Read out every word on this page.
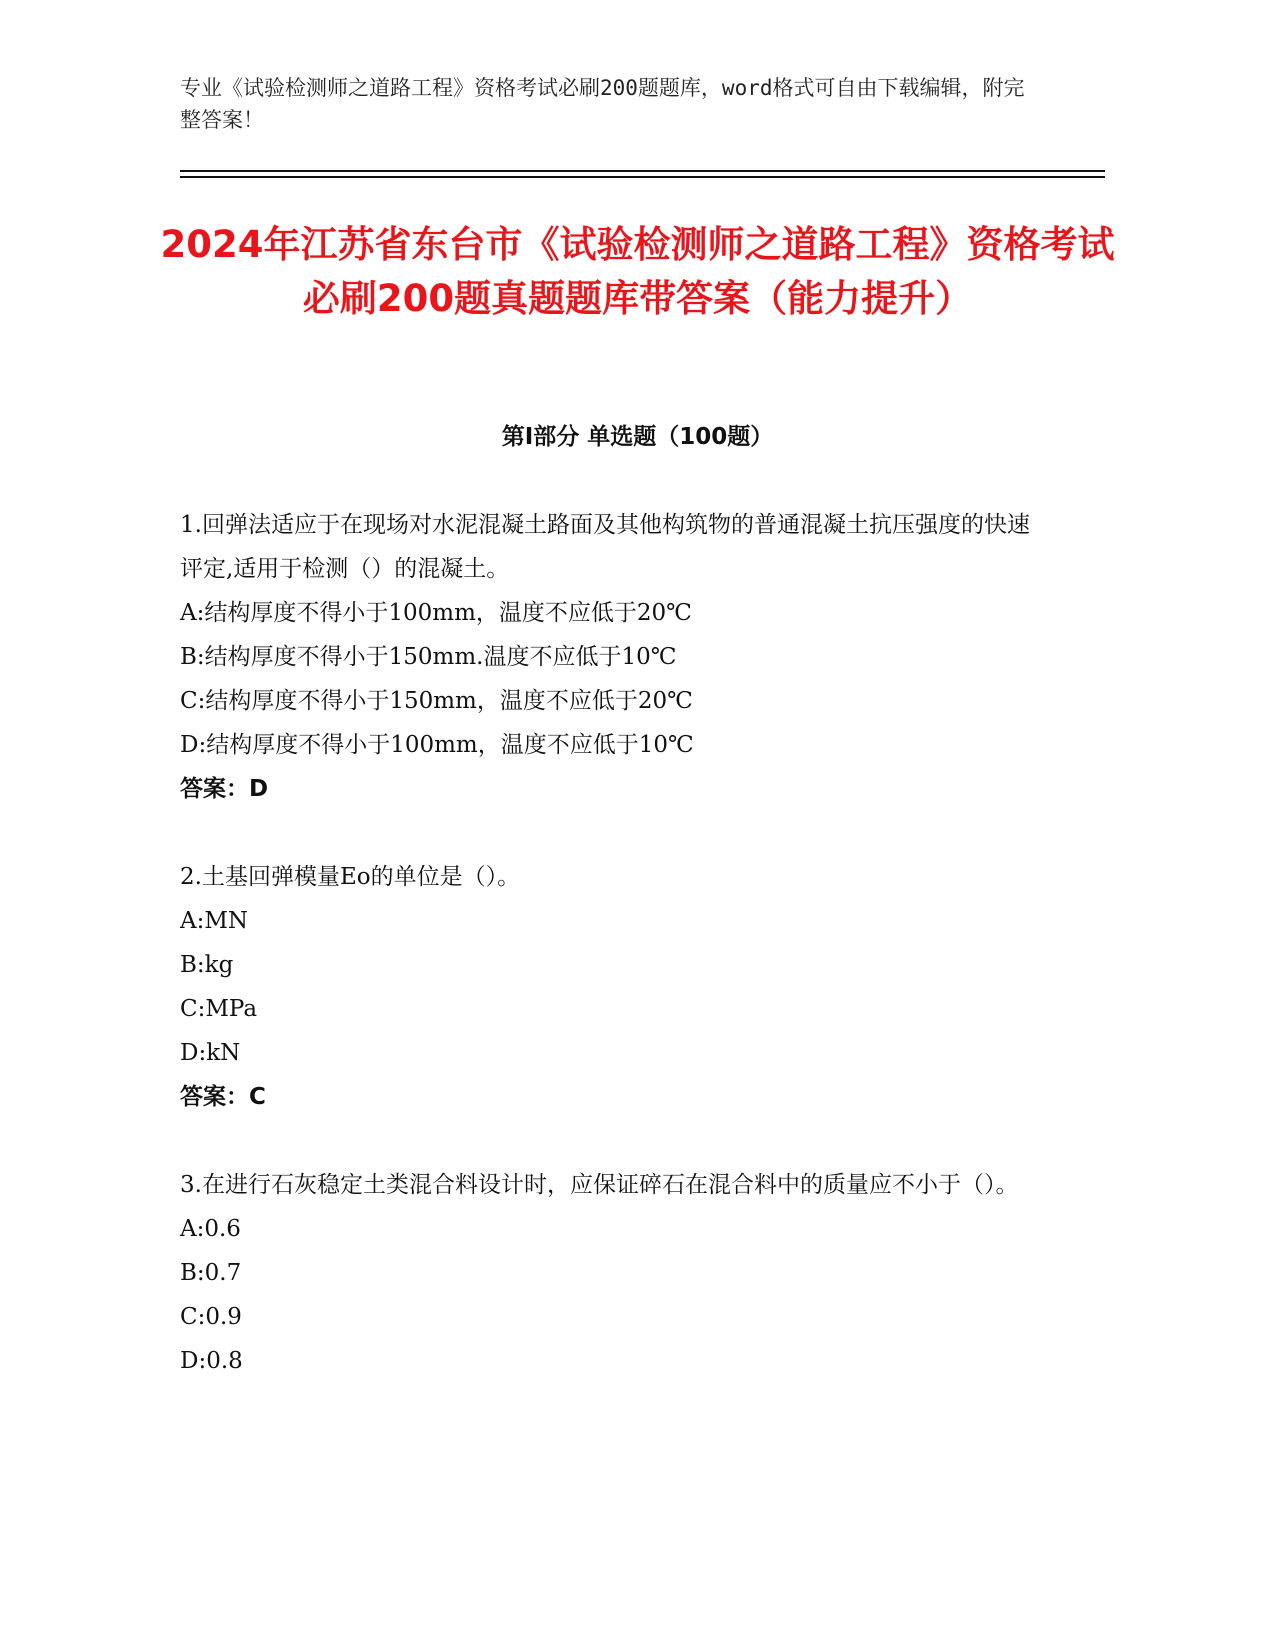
专业《试验检测师之道路工程》资格考试必刷200题题库，word格式可自由下载编辑，附完整答案！
2024年江苏省东台市《试验检测师之道路工程》资格考试必刷200题真题题库带答案（能力提升）
第I部分 单选题（100题）

1.回弹法适应于在现场对水泥混凝土路面及其他构筑物的普通混凝土抗压强度的快速评定,适用于检测（）的混凝土。

A:结构厚度不得小于100mm，温度不应低于20℃

B:结构厚度不得小于150mm.温度不应低于10℃

C:结构厚度不得小于150mm，温度不应低于20℃

D:结构厚度不得小于100mm，温度不应低于10℃

答案：D

2.土基回弹模量Eo的单位是（）。

A:MN

B:kg

C:MPa

D:kN

答案：C

3.在进行石灰稳定土类混合料设计时，应保证碎石在混合料中的质量应不小于（）。

A:0.6

B:0.7

C:0.9

D:0.8
